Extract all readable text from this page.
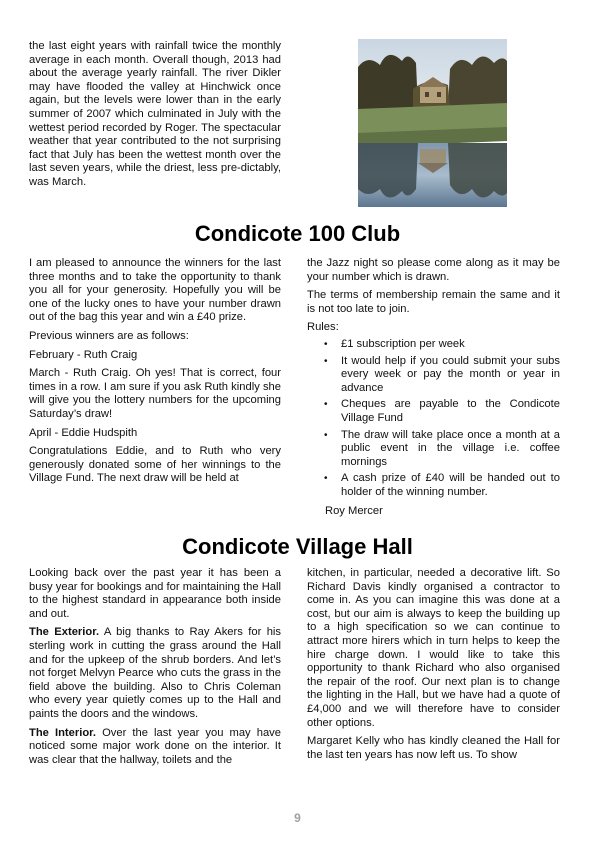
the last eight years with rainfall twice the monthly average in each month. Overall though, 2013 had about the average yearly rainfall. The river Dikler may have flooded the valley at Hinchwick once again, but the levels were lower than in the early summer of 2007 which culminated in July with the wettest period recorded by Roger. The spectacular weather that year contributed to the not surprising fact that July has been the wettest month over the last seven years, while the driest, less pre-dictably, was March.

Condicote 100 Club

I am pleased to announce the winners for the last three months and to take the opportunity to thank you all for your generosity. Hopefully you will be one of the lucky ones to have your number drawn out of the bag this year and win a £40 prize.

Previous winners are as follows:

February - Ruth Craig

March - Ruth Craig. Oh yes! That is correct, four times in a row. I am sure if you ask Ruth kindly she will give you the lottery numbers for the upcoming Saturday’s draw!

April - Eddie Hudspith

Congratulations Eddie, and to Ruth who very generously donated some of her winnings to the Village Fund. The next draw will be held at

the Jazz night so please come along as it may be your number which is drawn.

The terms of membership remain the same and it is not too late to join.

Rules:

• £1 subscription per week
• It would help if you could submit your subs every week or pay the month or year in advance
• Cheques are payable to the Condicote Village Fund
• The draw will take place once a month at a public event in the village i.e. coffee mornings
• A cash prize of £40 will be handed out to holder of the winning number.

Roy Mercer

Condicote Village Hall

Looking back over the past year it has been a busy year for bookings and for maintaining the Hall to the highest standard in appearance both inside and out.

The Exterior. A big thanks to Ray Akers for his sterling work in cutting the grass around the Hall and for the upkeep of the shrub borders. And let’s not forget Melvyn Pearce who cuts the grass in the field above the building. Also to Chris Coleman who every year quietly comes up to the Hall and paints the doors and the windows.

The Interior. Over the last year you may have noticed some major work done on the interior. It was clear that the hallway, toilets and the

kitchen, in particular, needed a decorative lift. So Richard Davis kindly organised a contractor to come in. As you can imagine this was done at a cost, but our aim is always to keep the building up to a high specification so we can continue to attract more hirers which in turn helps to keep the hire charge down. I would like to take this opportunity to thank Richard who also organised the repair of the roof. Our next plan is to change the lighting in the Hall, but we have had a quote of £4,000 and we will therefore have to consider other options.

Margaret Kelly who has kindly cleaned the Hall for the last ten years has now left us. To show

9
